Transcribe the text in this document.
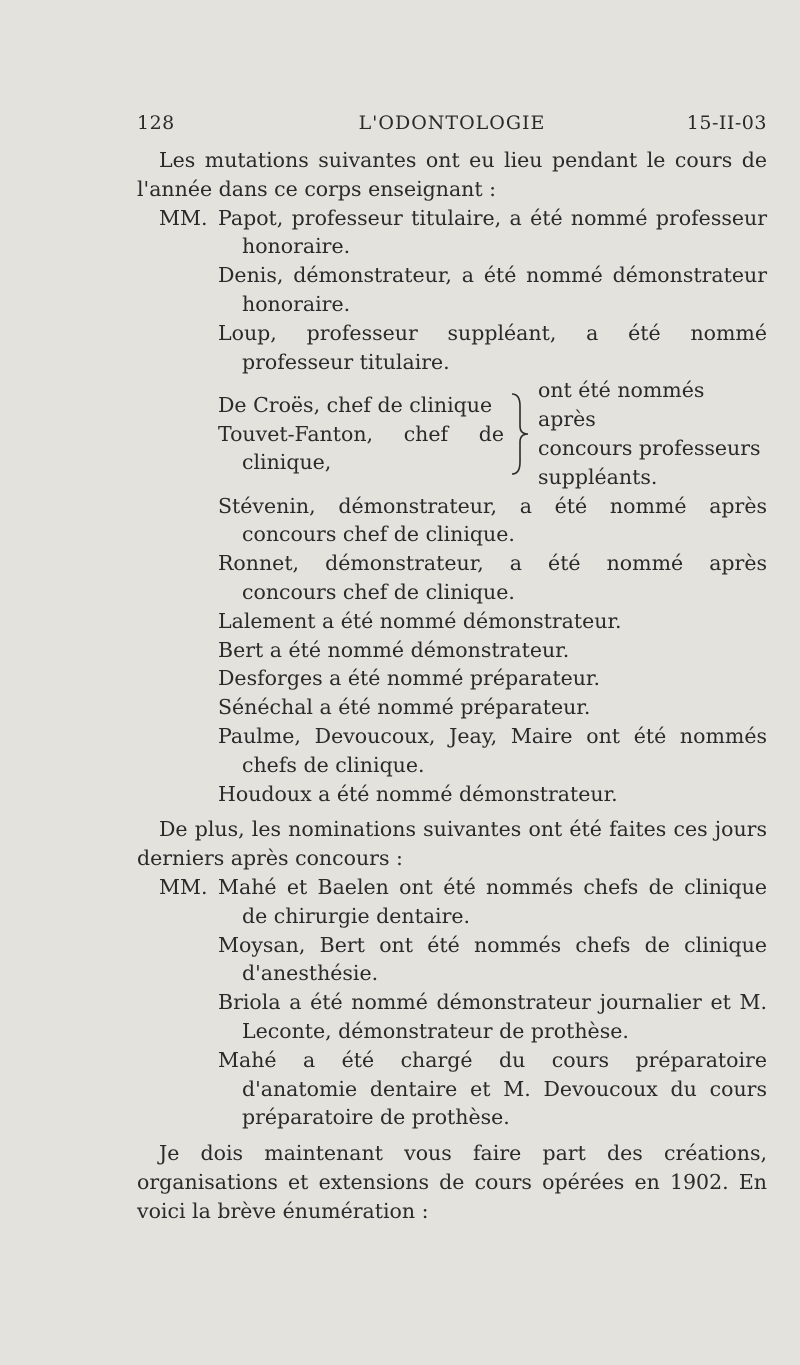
128	L'ODONTOLOGIE	15-II-03

Les mutations suivantes ont eu lieu pendant le cours de l'année dans ce corps enseignant :

MM. Papot, professeur titulaire, a été nommé professeur honoraire.

Denis, démonstrateur, a été nommé démonstrateur honoraire.

Loup, professeur suppléant, a été nommé professeur titulaire.

De Croës, chef de clinique

Touvet-Fanton, chef de clinique,

ont été nommés après
concours professeurs
suppléants.

Stévenin, démonstrateur, a été nommé après concours chef de clinique.

Ronnet, démonstrateur, a été nommé après concours chef de clinique.

Lalement a été nommé démonstrateur.

Bert a été nommé démonstrateur.

Desforges a été nommé préparateur.

Sénéchal a été nommé préparateur.

Paulme, Devoucoux, Jeay, Maire ont été nommés chefs de clinique.

Houdoux a été nommé démonstrateur.

De plus, les nominations suivantes ont été faites ces jours derniers après concours :

MM. Mahé et Baelen ont été nommés chefs de clinique de chirurgie dentaire.

Moysan, Bert ont été nommés chefs de clinique d'anesthésie.

Briola a été nommé démonstrateur journalier et M. Leconte, démonstrateur de prothèse.

Mahé a été chargé du cours préparatoire d'anatomie dentaire et M. Devoucoux du cours préparatoire de prothèse.

Je dois maintenant vous faire part des créations, organisations et extensions de cours opérées en 1902. En voici la brève énumération :
